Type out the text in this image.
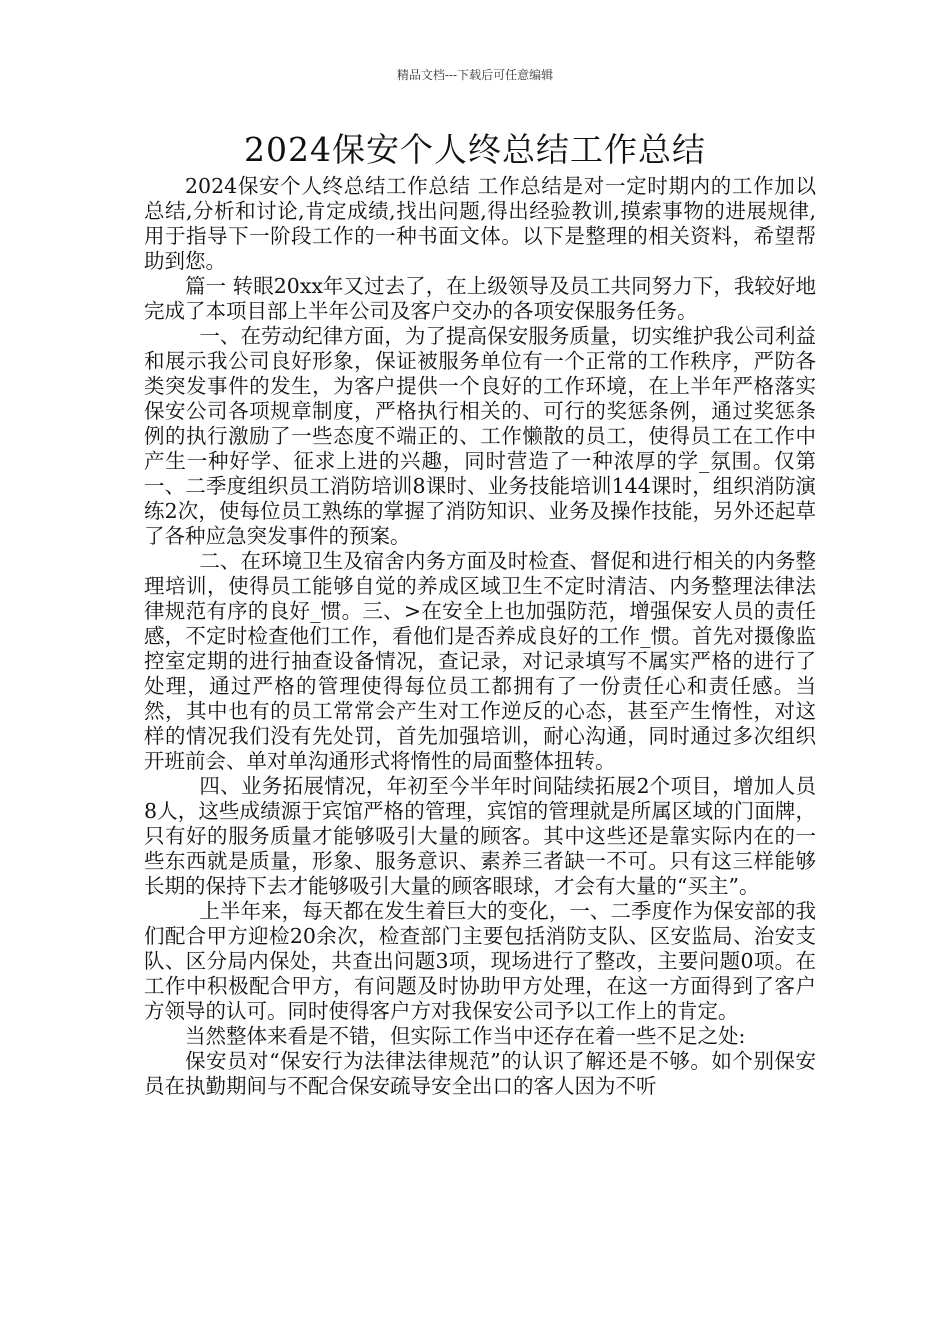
精品文档---下载后可任意编辑
2024保安个人终总结工作总结

2024保安个人终总结工作总结 工作总结是对一定时期内的工作加以总结,分析和讨论,肯定成绩,找出问题,得出经验教训,摸索事物的进展规律,用于指导下一阶段工作的一种书面文体。以下是整理的相关资料，希望帮助到您。

篇一 转眼20xx年又过去了，在上级领导及员工共同努力下，我较好地完成了本项目部上半年公司及客户交办的各项安保服务任务。

一、在劳动纪律方面，为了提高保安服务质量，切实维护我公司利益和展示我公司良好形象，保证被服务单位有一个正常的工作秩序，严防各类突发事件的发生，为客户提供一个良好的工作环境，在上半年严格落实保安公司各项规章制度，严格执行相关的、可行的奖惩条例，通过奖惩条例的执行激励了一些态度不端正的、工作懒散的员工，使得员工在工作中产生一种好学、征求上进的兴趣，同时营造了一种浓厚的学_氛围。仅第一、二季度组织员工消防培训8课时、业务技能培训144课时，组织消防演练2次，使每位员工熟练的掌握了消防知识、业务及操作技能，另外还起草了各种应急突发事件的预案。

二、在环境卫生及宿舍内务方面及时检查、督促和进行相关的内务整理培训，使得员工能够自觉的养成区域卫生不定时清洁、内务整理法律法律规范有序的良好_惯。三、>在安全上也加强防范，增强保安人员的责任感，不定时检查他们工作，看他们是否养成良好的工作_惯。首先对摄像监控室定期的进行抽查设备情况，查记录，对记录填写不属实严格的进行了处理，通过严格的管理使得每位员工都拥有了一份责任心和责任感。当然，其中也有的员工常常会产生对工作逆反的心态，甚至产生惰性，对这样的情况我们没有先处罚，首先加强培训，耐心沟通，同时通过多次组织开班前会、单对单沟通形式将惰性的局面整体扭转。

四、业务拓展情况，年初至今半年时间陆续拓展2个项目，增加人员8人，这些成绩源于宾馆严格的管理，宾馆的管理就是所属区域的门面牌，只有好的服务质量才能够吸引大量的顾客。其中这些还是靠实际内在的一些东西就是质量，形象、服务意识、素养三者缺一不可。只有这三样能够长期的保持下去才能够吸引大量的顾客眼球，才会有大量的“买主”。

上半年来，每天都在发生着巨大的变化，一、二季度作为保安部的我们配合甲方迎检20余次，检查部门主要包括消防支队、区安监局、治安支队、区分局内保处，共查出问题3项，现场进行了整改，主要问题0项。在工作中积极配合甲方，有问题及时协助甲方处理，在这一方面得到了客户方领导的认可。同时使得客户方对我保安公司予以工作上的肯定。

当然整体来看是不错，但实际工作当中还存在着一些不足之处:

保安员对“保安行为法律法律规范”的认识了解还是不够。如个别保安员在执勤期间与不配合保安疏导安全出口的客人因为不听
